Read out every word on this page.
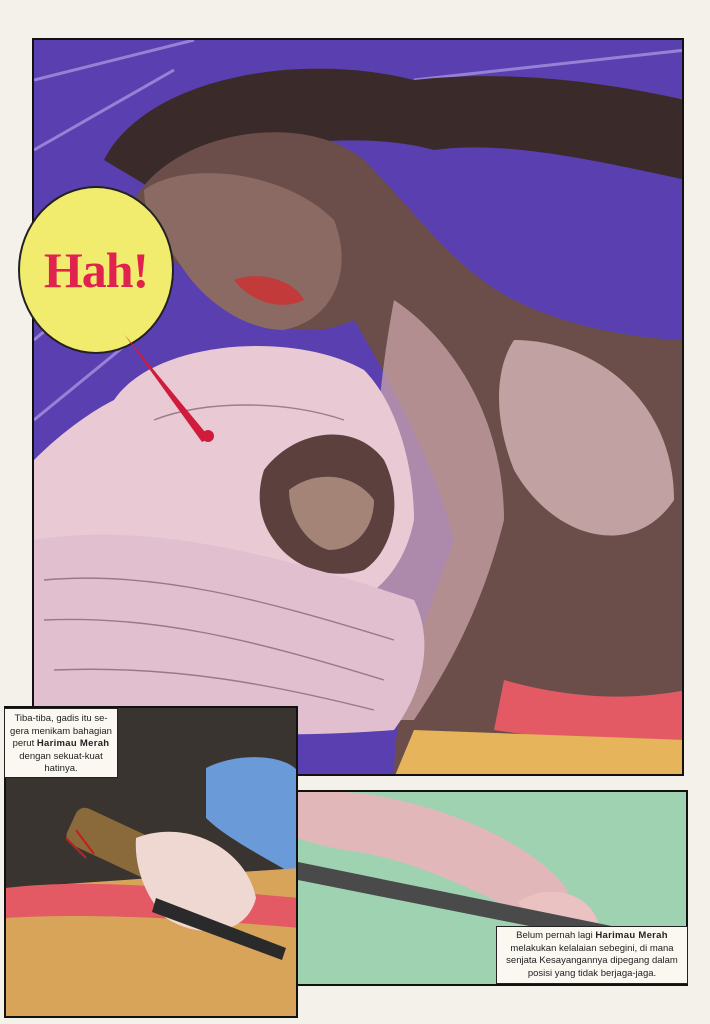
Hah!
Tiba-tiba, gadis itu se-
gera menikam bahagian
perut Harimau Merah
dengan sekuat-kuat
hatinya.
Belum pernah lagi Harimau Merah
melakukan kelalaian sebegini, di mana
senjata Kesayangannya dipegang dalam
posisi yang tidak berjaga-jaga.
